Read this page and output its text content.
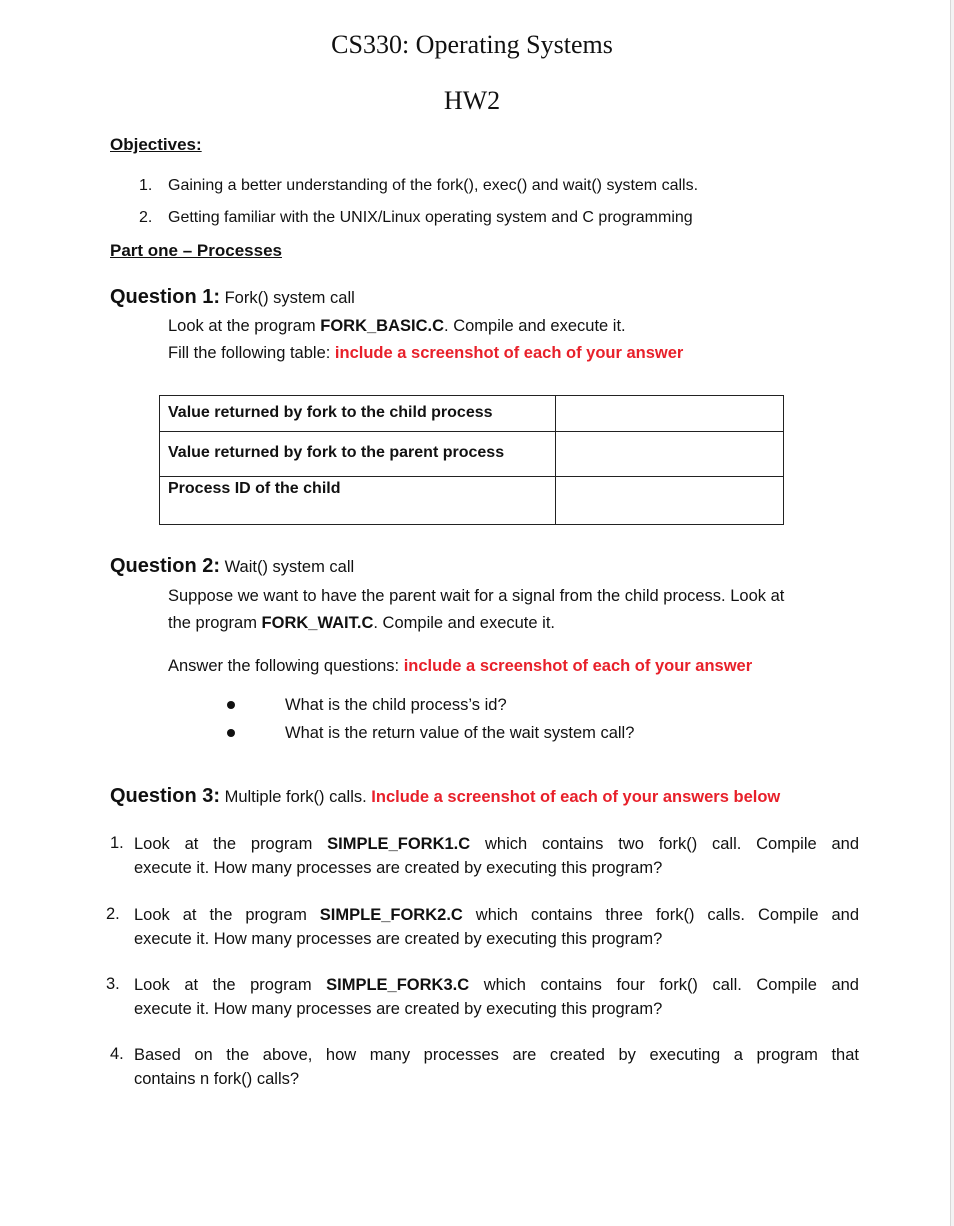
CS330: Operating Systems
HW2
Objectives:
1. Gaining a better understanding of the fork(), exec() and wait() system calls.
2. Getting familiar with the UNIX/Linux operating system and C programming
Part one – Processes
Question 1: Fork() system call
Look at the program FORK_BASIC.C. Compile and execute it.
Fill the following table: include a screenshot of each of your answer
Value returned by fork to the child process	
Value returned by fork to the parent process	
Process ID of the child	
Question 2: Wait() system call
Suppose we want to have the parent wait for a signal from the child process. Look at
the program FORK_WAIT.C. Compile and execute it.
Answer the following questions: include a screenshot of each of your answer
What is the child process’s id?
What is the return value of the wait system call?
Question 3: Multiple fork() calls. Include a screenshot of each of your answers below
1. Look at the program SIMPLE_FORK1.C which contains two fork() call. Compile and
execute it. How many processes are created by executing this program?
2. Look at the program SIMPLE_FORK2.C which contains three fork() calls. Compile and
execute it. How many processes are created by executing this program?
3. Look at the program SIMPLE_FORK3.C which contains four fork() call. Compile and
execute it. How many processes are created by executing this program?
4. Based on the above, how many processes are created by executing a program that
contains n fork() calls?
